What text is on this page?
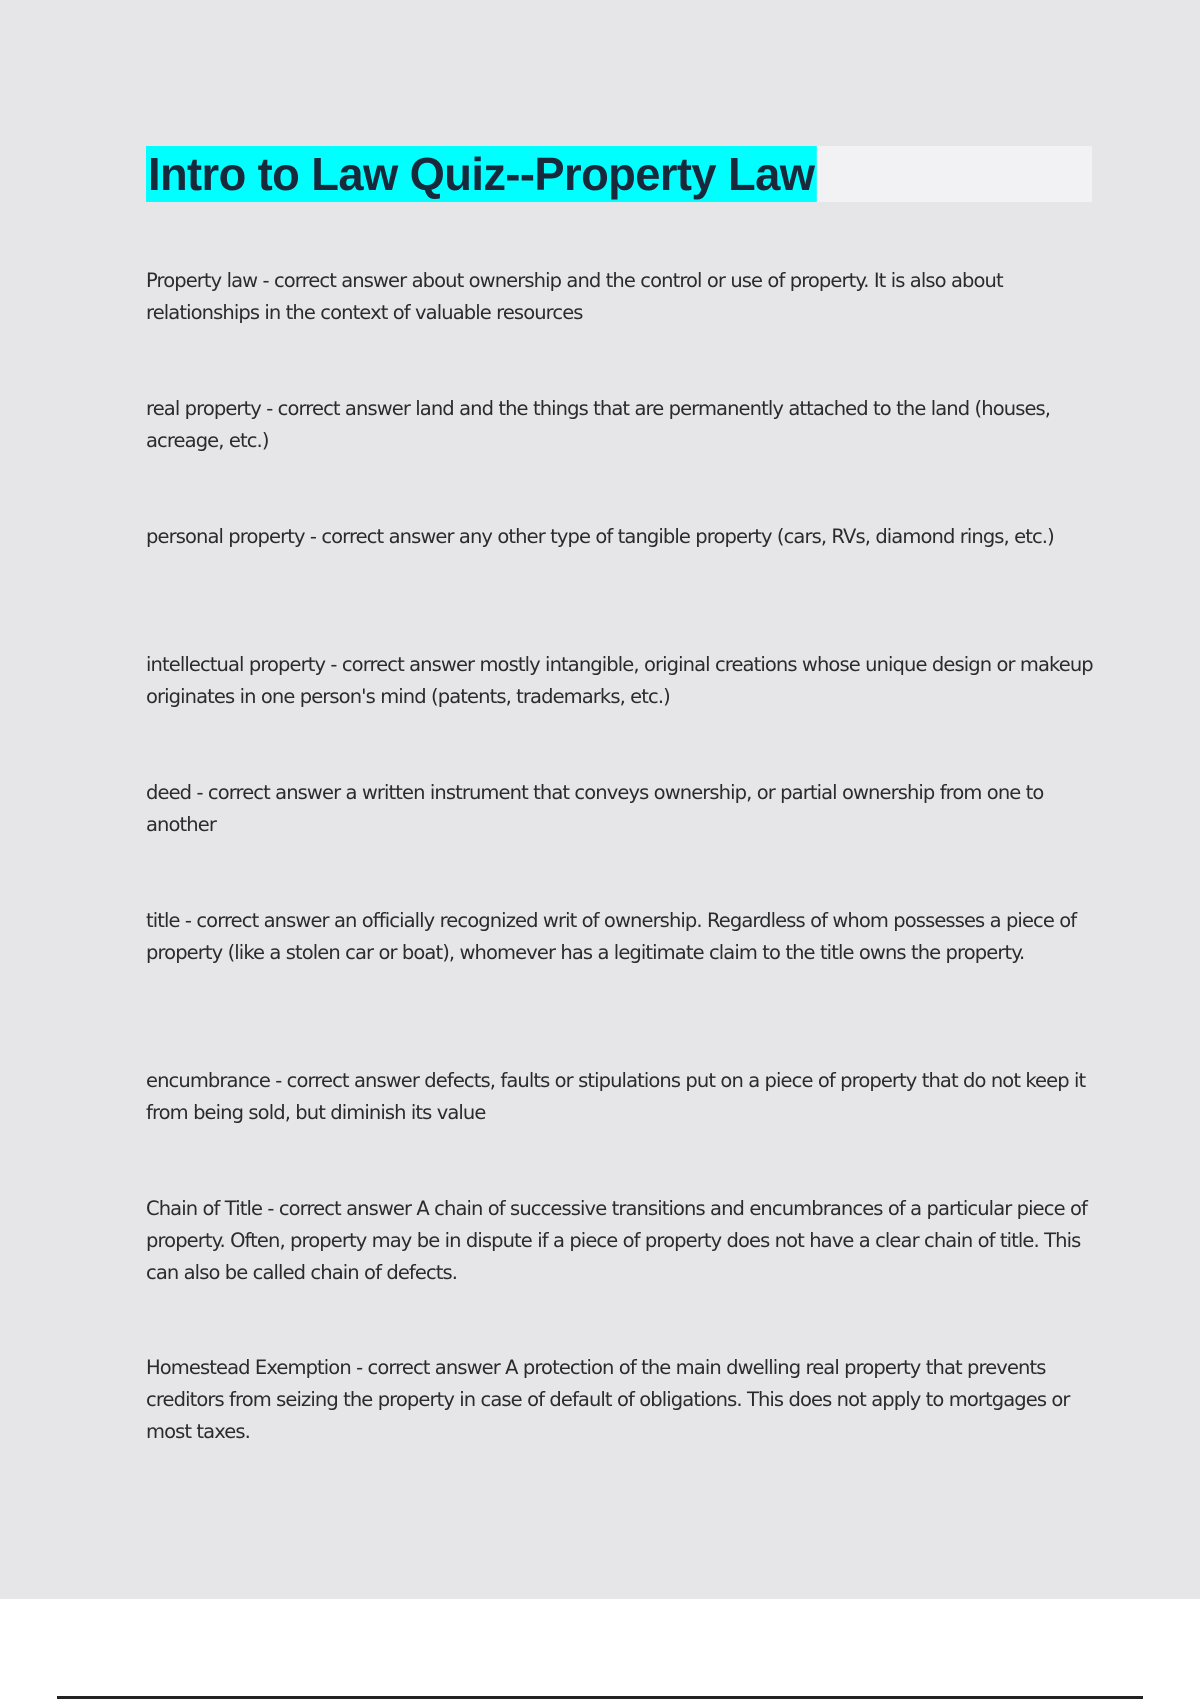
Intro to Law Quiz--Property Law
Property law - correct answer about ownership and the control or use of property. It is also about relationships in the context of valuable resources
real property - correct answer land and the things that are permanently attached to the land (houses, acreage, etc.)
personal property - correct answer any other type of tangible property (cars, RVs, diamond rings, etc.)
intellectual property - correct answer mostly intangible, original creations whose unique design or makeup originates in one person's mind (patents, trademarks, etc.)
deed - correct answer a written instrument that conveys ownership, or partial ownership from one to another
title - correct answer an officially recognized writ of ownership. Regardless of whom possesses a piece of property (like a stolen car or boat), whomever has a legitimate claim to the title owns the property.
encumbrance - correct answer defects, faults or stipulations put on a piece of property that do not keep it from being sold, but diminish its value
Chain of Title - correct answer A chain of successive transitions and encumbrances of a particular piece of property. Often, property may be in dispute if a piece of property does not have a clear chain of title. This can also be called chain of defects.
Homestead Exemption - correct answer A protection of the main dwelling real property that prevents creditors from seizing the property in case of default of obligations. This does not apply to mortgages or most taxes.
